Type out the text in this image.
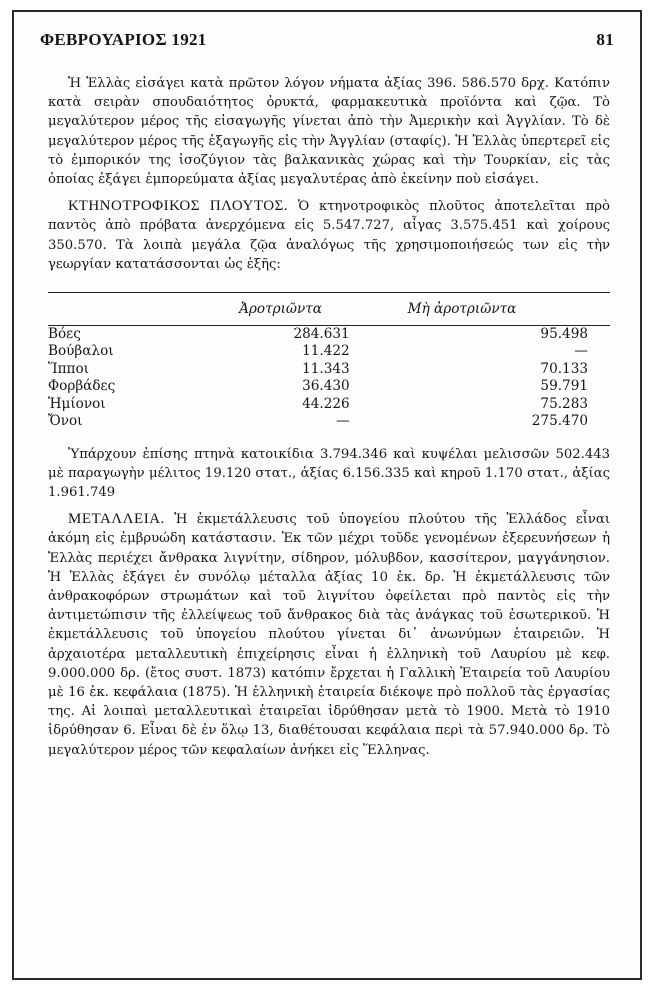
ΦΕΒΡΟΥΑΡΙΟΣ 1921	81

Ἡ Ἑλλὰς εἰσάγει κατὰ πρῶτον λόγον νήματα ἀξίας 396. 586.570 δρχ. Κατόπιν κατὰ σειρὰν σπουδαιότητος ὀρυκτά, φαρμακευτικὰ προϊόντα καὶ ζῷα. Τὸ μεγαλύτερον μέρος τῆς εἰσαγωγῆς γίνεται ἀπὸ τὴν Ἀμερικὴν καὶ Ἀγγλίαν. Τὸ δὲ μεγαλύτερον μέρος τῆς ἐξαγωγῆς εἰς τὴν Ἀγγλίαν (σταφίς). Ἡ Ἑλλὰς ὑπερτερεῖ εἰς τὸ ἐμπορικόν της ἰσοζύγιον τὰς βαλκανικὰς χώρας καὶ τὴν Τουρκίαν, εἰς τὰς ὁποίας ἐξάγει ἐμπορεύματα ἀξίας μεγαλυτέρας ἀπὸ ἐκείνην ποὺ εἰσάγει.

ΚΤΗΝΟΤΡΟΦΙΚΟΣ ΠΛΟΥΤΟΣ. Ὁ κτηνοτροφικὸς πλοῦτος ἀποτελεῖται πρὸ παντὸς ἀπὸ πρόβατα ἀνερχόμενα εἰς 5.547.727, αἶγας 3.575.451 καὶ χοίρους 350.570. Τὰ λοιπὰ μεγάλα ζῷα ἀναλόγως τῆς χρησιμοποιήσεώς των εἰς τὴν γεωργίαν κατατάσσονται ὡς ἑξῆς:

	Ἀροτριῶντα	Μὴ ἀροτριῶντα
Βόες	284.631	95.498
Βούβαλοι	11.422	—
Ἵπποι	11.343	70.133
Φορβάδες	36.430	59.791
Ἡμίονοι	44.226	75.283
Ὄνοι	—	275.470

Ὑπάρχουν ἐπίσης πτηνὰ κατοικίδια 3.794.346 καὶ κυψέλαι μελισσῶν 502.443 μὲ παραγωγὴν μέλιτος 19.120 στατ., ἀξίας 6.156.335 καὶ κηροῦ 1.170 στατ., ἀξίας 1.961.749

ΜΕΤΑΛΛΕΙΑ. Ἡ ἐκμετάλλευσις τοῦ ὑπογείου πλούτου τῆς Ἑλλάδος εἶναι ἀκόμη εἰς ἐμβρυώδη κατάστασιν. Ἐκ τῶν μέχρι τοῦδε γενομένων ἐξερευνήσεων ἡ Ἑλλὰς περιέχει ἄνθρακα λιγνίτην, σίδηρον, μόλυβδον, κασσίτερον, μαγγάνησιον. Ἡ Ἑλλὰς ἐξάγει ἐν συνόλῳ μέταλλα ἀξίας 10 ἑκ. δρ. Ἡ ἐκμετάλλευσις τῶν ἀνθρακοφόρων στρωμάτων καὶ τοῦ λιγνίτου ὀφείλεται πρὸ παντὸς εἰς τὴν ἀντιμετώπισιν τῆς ἐλλείψεως τοῦ ἄνθρακος διὰ τὰς ἀνάγκας τοῦ ἐσωτερικοῦ. Ἡ ἐκμετάλλευσις τοῦ ὑπογείου πλούτου γίνεται δι᾽ ἀνωνύμων ἑταιρειῶν. Ἡ ἀρχαιοτέρα μεταλλευτικὴ ἐπιχείρησις εἶναι ἡ ἑλληνικὴ τοῦ Λαυρίου μὲ κεφ. 9.000.000 δρ. (ἔτος συστ. 1873) κατόπιν ἔρχεται ἡ Γαλλικὴ Ἑταιρεία τοῦ Λαυρίου μὲ 16 ἑκ. κεφάλαια (1875). Ἡ ἑλληνικὴ ἑταιρεία διέκοψε πρὸ πολλοῦ τὰς ἐργασίας της. Αἱ λοιπαὶ μεταλλευτικαὶ ἑταιρεῖαι ἱδρύθησαν μετὰ τὸ 1900. Μετὰ τὸ 1910 ἱδρύθησαν 6. Εἶναι δὲ ἐν ὅλῳ 13, διαθέτουσαι κεφάλαια περὶ τὰ 57.940.000 δρ. Τὸ μεγαλύτερον μέρος τῶν κεφαλαίων ἀνήκει εἰς Ἕλληνας.
